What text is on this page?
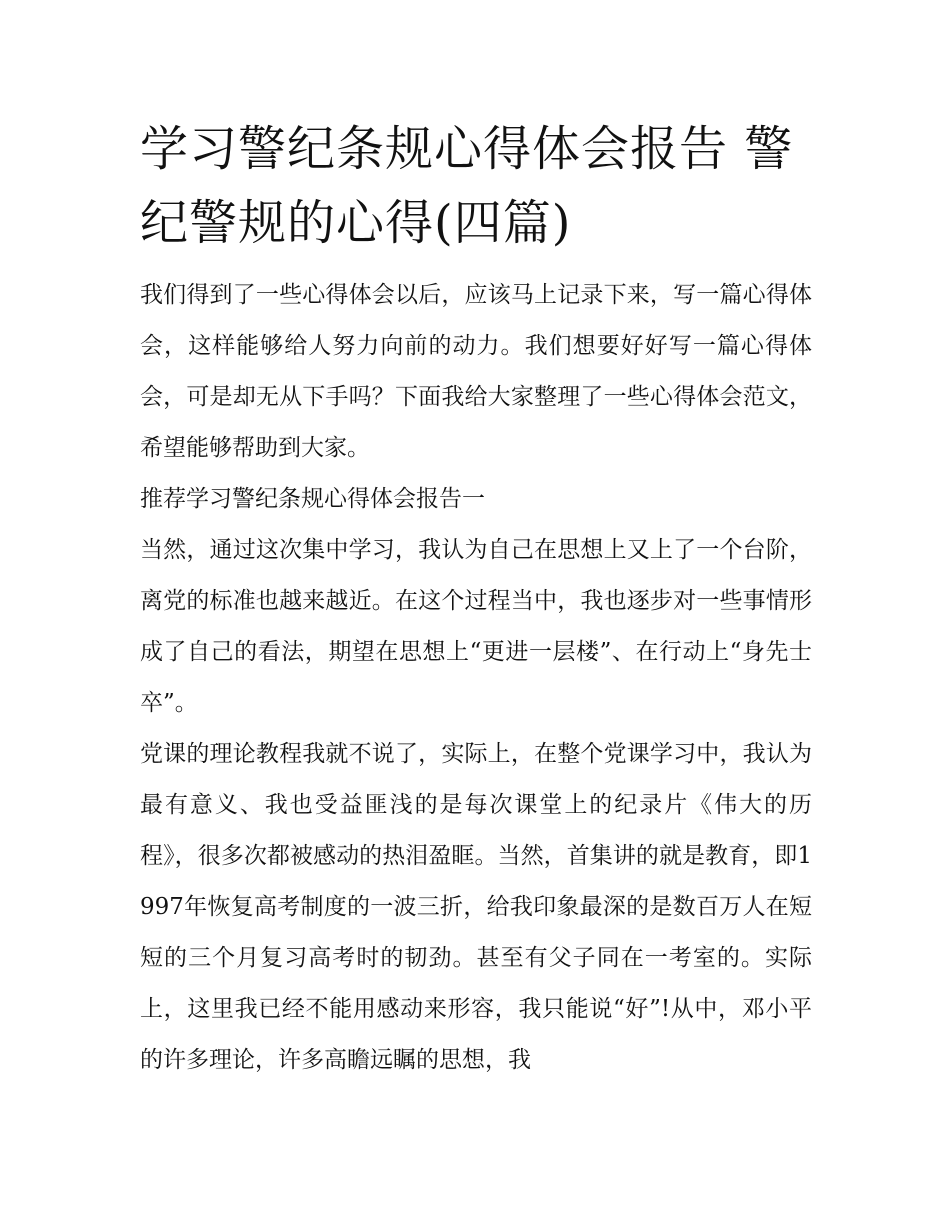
学习警纪条规心得体会报告 警纪警规的心得(四篇)

我们得到了一些心得体会以后，应该马上记录下来，写一篇心得体会，这样能够给人努力向前的动力。我们想要好好写一篇心得体会，可是却无从下手吗？下面我给大家整理了一些心得体会范文，希望能够帮助到大家。

推荐学习警纪条规心得体会报告一

当然，通过这次集中学习，我认为自己在思想上又上了一个台阶，离党的标准也越来越近。在这个过程当中，我也逐步对一些事情形成了自己的看法，期望在思想上“更进一层楼”、在行动上“身先士卒”。

党课的理论教程我就不说了，实际上，在整个党课学习中，我认为最有意义、我也受益匪浅的是每次课堂上的纪录片《伟大的历程》，很多次都被感动的热泪盈眶。当然，首集讲的就是教育，即1997年恢复高考制度的一波三折，给我印象最深的是数百万人在短短的三个月复习高考时的韧劲。甚至有父子同在一考室的。实际上，这里我已经不能用感动来形容，我只能说“好”!从中，邓小平的许多理论，许多高瞻远瞩的思想，我
